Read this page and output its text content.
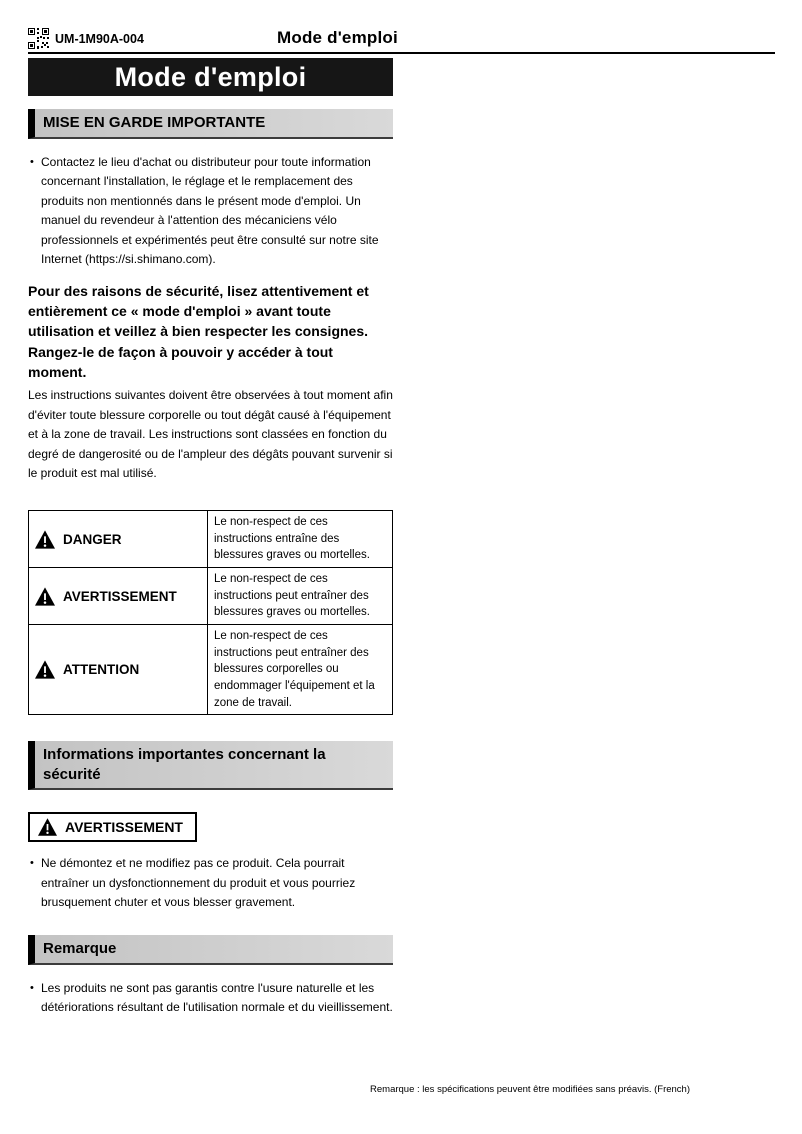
UM-1M90A-004	Mode d'emploi
Mode d'emploi
MISE EN GARDE IMPORTANTE
• Contactez le lieu d'achat ou distributeur pour toute information concernant l'installation, le réglage et le remplacement des produits non mentionnés dans le présent mode d'emploi. Un manuel du revendeur à l'attention des mécaniciens vélo professionnels et expérimentés peut être consulté sur notre site Internet (https://si.shimano.com).

Pour des raisons de sécurité, lisez attentivement et entièrement ce « mode d'emploi » avant toute utilisation et veillez à bien respecter les consignes. Rangez-le de façon à pouvoir y accéder à tout moment.

Les instructions suivantes doivent être observées à tout moment afin d'éviter toute blessure corporelle ou tout dégât causé à l'équipement et à la zone de travail. Les instructions sont classées en fonction du degré de dangerosité ou de l'ampleur des dégâts pouvant survenir si le produit est mal utilisé.

DANGER	Le non-respect de ces instructions entraîne des blessures graves ou mortelles.

AVERTISSEMENT	Le non-respect de ces instructions peut entraîner des blessures graves ou mortelles.

ATTENTION	Le non-respect de ces instructions peut entraîner des blessures corporelles ou endommager l'équipement et la zone de travail.
Informations importantes concernant la sécurité
AVERTISSEMENT
• Ne démontez et ne modifiez pas ce produit. Cela pourrait entraîner un dysfonctionnement du produit et vous pourriez brusquement chuter et vous blesser gravement.
Remarque
• Les produits ne sont pas garantis contre l'usure naturelle et les détériorations résultant de l'utilisation normale et du vieillissement.
Remarque : les spécifications peuvent être modifiées sans préavis. (French)
